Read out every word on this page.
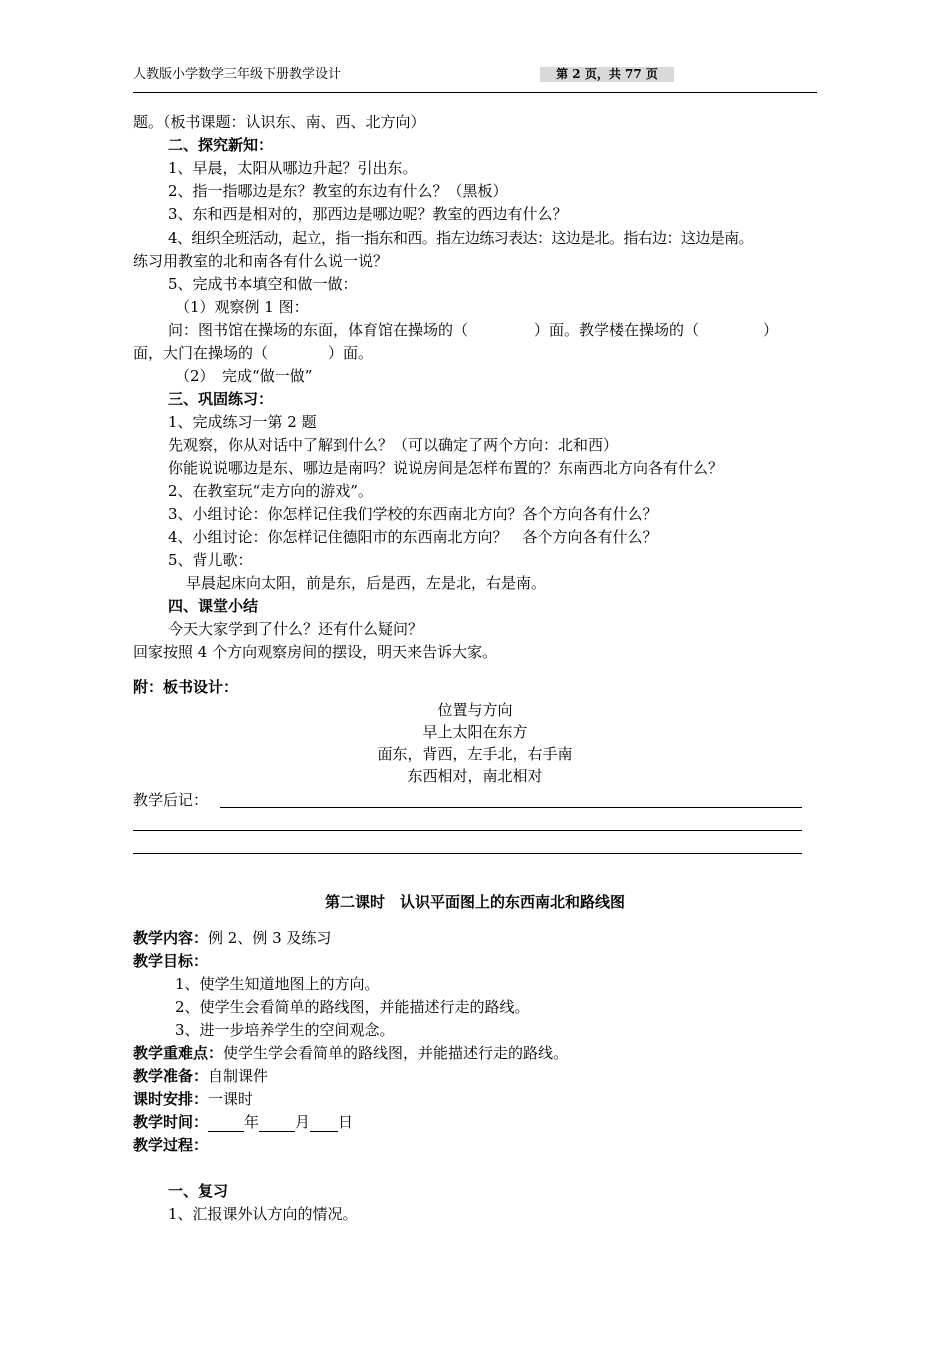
人教版小学数学三年级下册教学设计	第 2 页，共 77 页
题。（板书课题：认识东、南、西、北方向）
二、探究新知：
1、早晨，太阳从哪边升起？引出东。
2、指一指哪边是东？教室的东边有什么？（黑板）
3、东和西是相对的，那西边是哪边呢？教室的西边有什么？
4、组织全班活动，起立，指一指东和西。指左边练习表达：这边是北。指右边：这边是南。
练习用教室的北和南各有什么说一说？
5、完成书本填空和做一做：
（1）观察例 1 图：
问：图书馆在操场的东面，体育馆在操场的（	）面。教学楼在操场的（	）
面，大门在操场的（	）面。
（2）　完成“做一做”
三、巩固练习：
1、完成练习一第 2 题
先观察，你从对话中了解到什么？（可以确定了两个方向：北和西）
你能说说哪边是东、哪边是南吗？说说房间是怎样布置的？东南西北方向各有什么？
2、在教室玩“走方向的游戏”。
3、小组讨论：你怎样记住我们学校的东西南北方向？各个方向各有什么？
4、小组讨论：你怎样记住德阳市的东西南北方向？　各个方向各有什么？
5、背儿歌：
早晨起床向太阳，前是东，后是西，左是北，右是南。
四、课堂小结
今天大家学到了什么？还有什么疑问？
回家按照 4 个方向观察房间的摆设，明天来告诉大家。
附：板书设计：
位置与方向
早上太阳在东方
面东，背西，左手北，右手南
东西相对，南北相对
教学后记：
第二课时　认识平面图上的东西南北和路线图
教学内容：例 2、例 3 及练习
教学目标：
1、使学生知道地图上的方向。
2、使学生会看简单的路线图，并能描述行走的路线。
3、进一步培养学生的空间观念。
教学重难点：使学生学会看简单的路线图，并能描述行走的路线。
教学准备：自制课件
课时安排：一课时
教学时间： 年 月 日
教学过程：
一、复习
1、汇报课外认方向的情况。
